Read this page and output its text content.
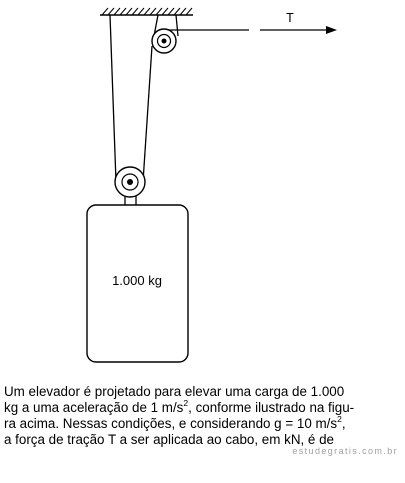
1.000 kg
T

Um elevador é projetado para elevar uma carga de 1.000
kg a uma aceleração de 1 $m/s^2$, conforme ilustrado na figu-
ra acima. Nessas condições, e considerando g = 10 $m/s^2$,
a força de tração T a ser aplicada ao cabo, em kN, é de

estudegratis.com.br
